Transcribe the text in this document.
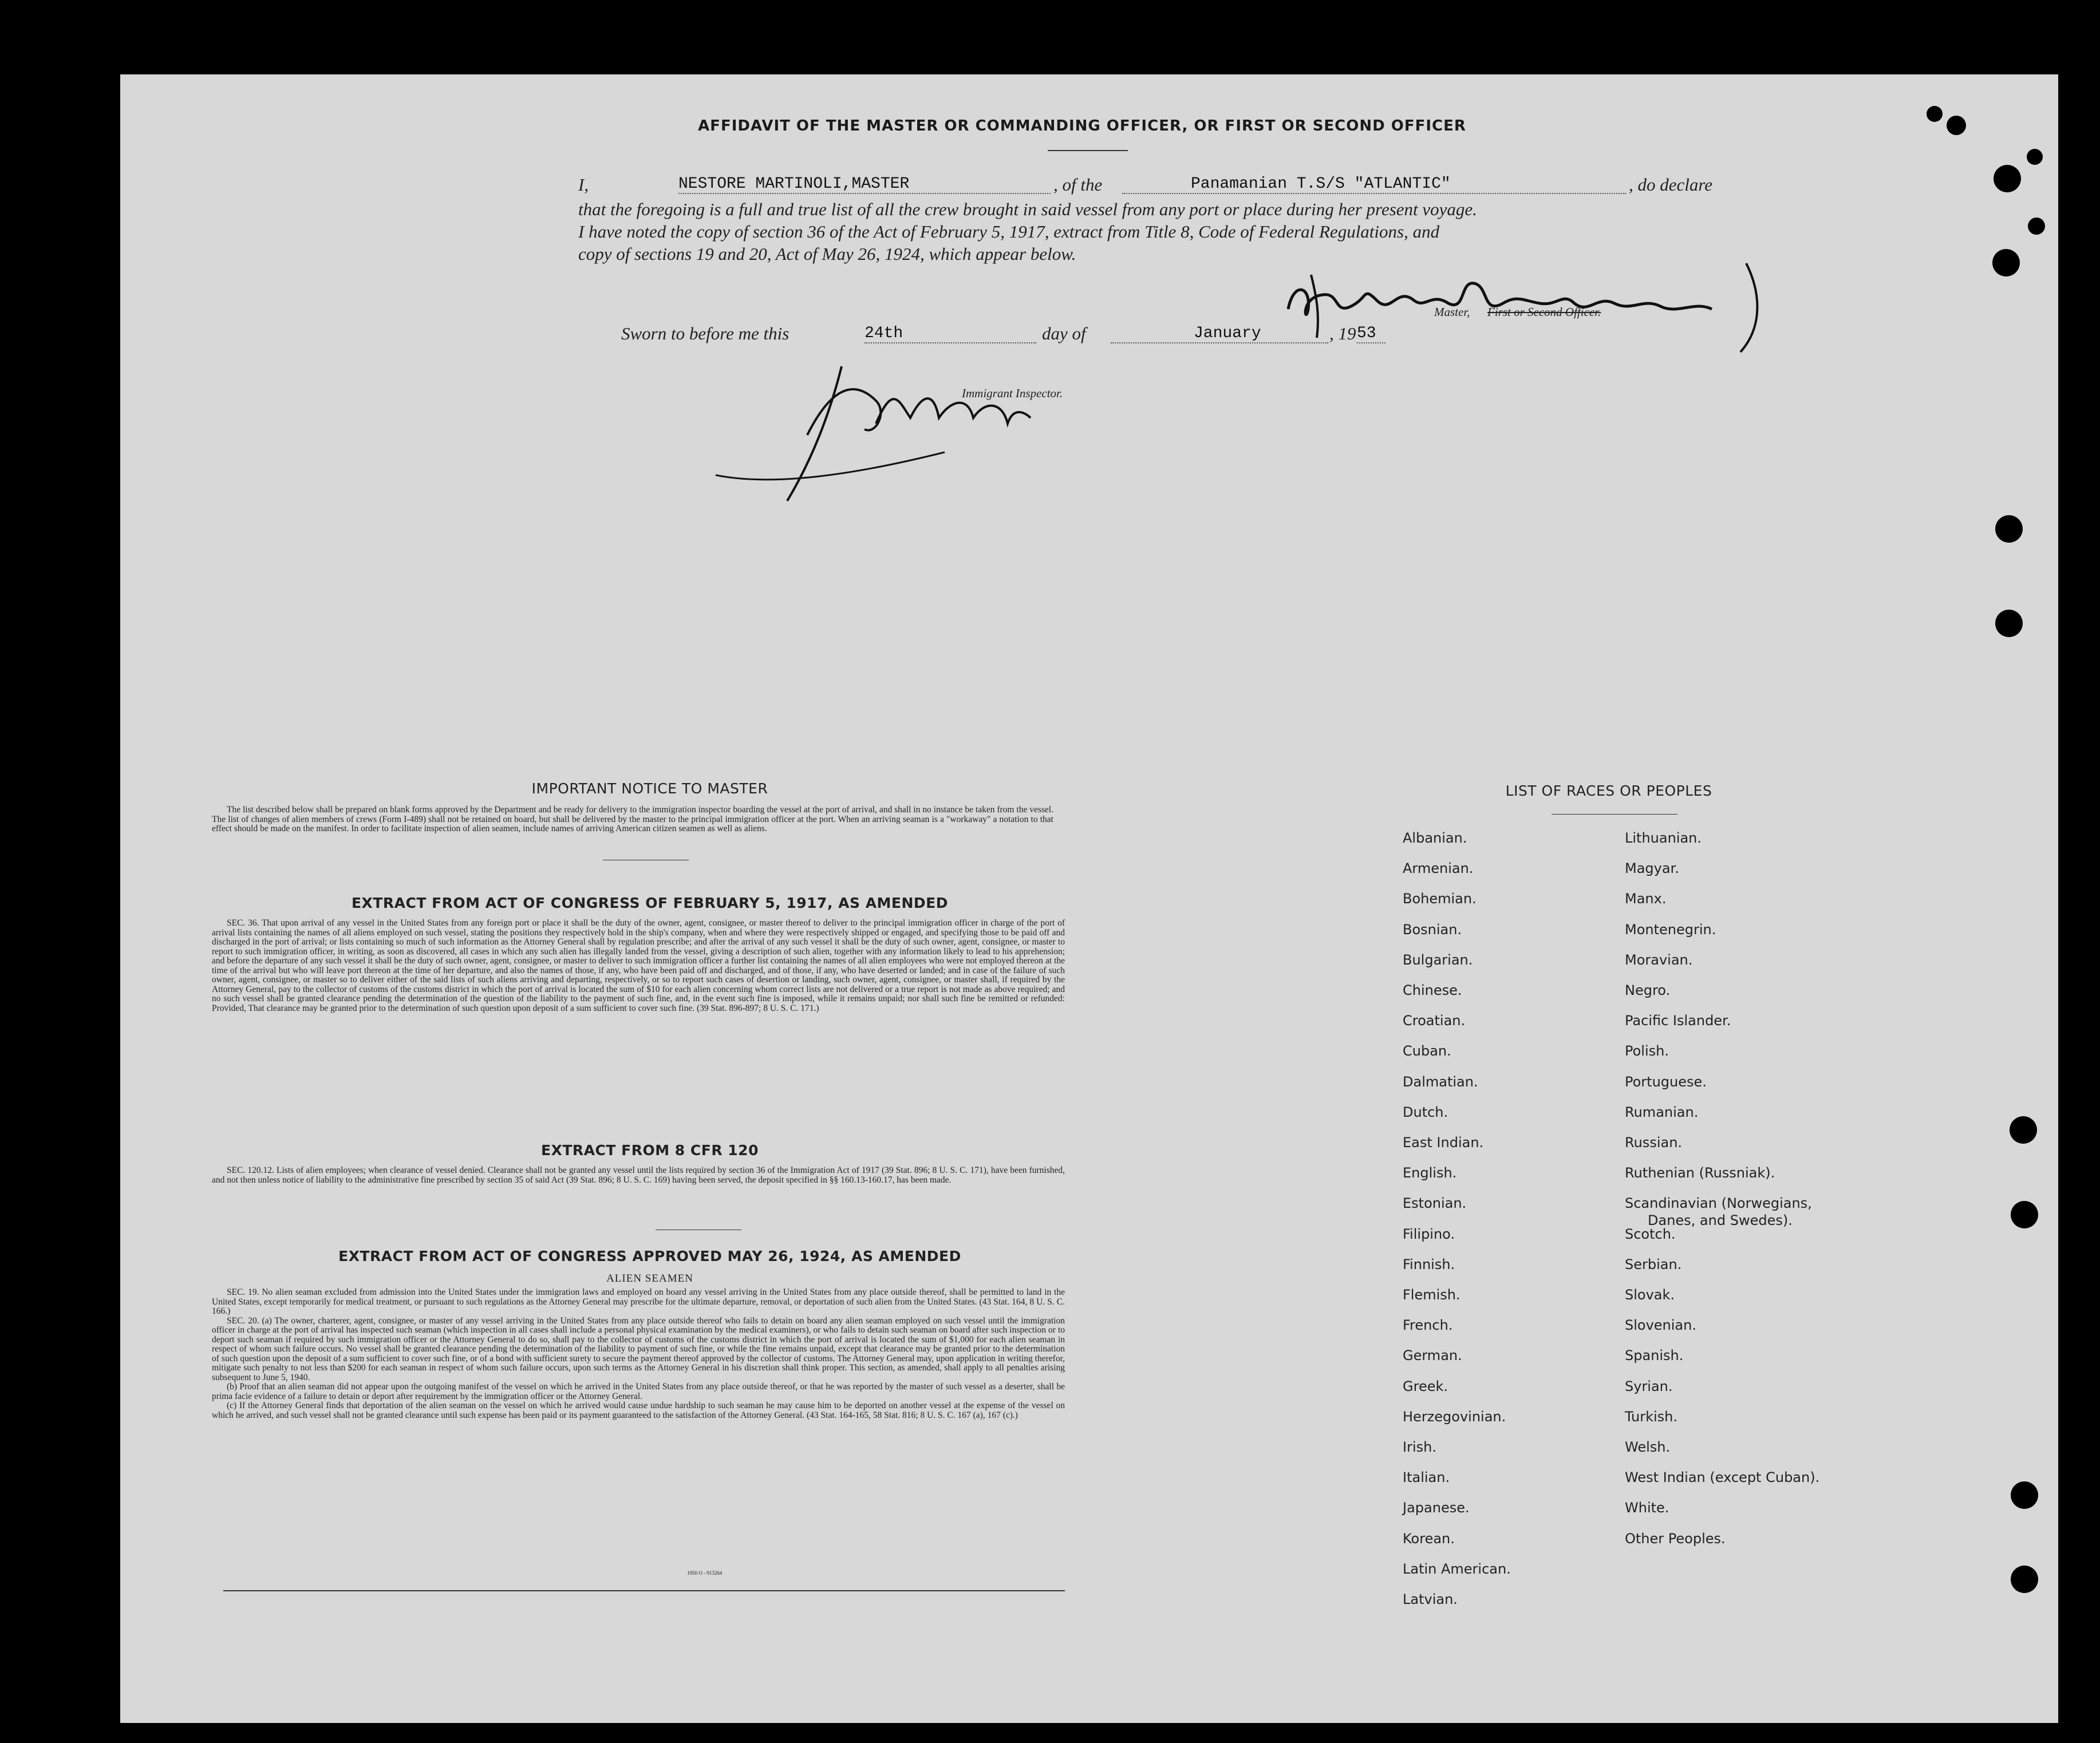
AFFIDAVIT OF THE MASTER OR COMMANDING OFFICER, OR FIRST OR SECOND OFFICER
I,	NESTORE MARTINOLI,MASTER	, of the	Panamanian T.S/S "ATLANTIC"	, do declare
that the foregoing is a full and true list of all the crew brought in said vessel from any port or place during her present voyage.
I have noted the copy of section 36 of the Act of February 5, 1917, extract from Title 8, Code of Federal Regulations, and
copy of sections 19 and 20, Act of May 26, 1924, which appear below.
Master, First or Second Officer.
Sworn to before me this	24th	day of	January	, 19 53
Immigrant Inspector.
IMPORTANT NOTICE TO MASTER

The list described below shall be prepared on blank forms approved by the Department and be ready for delivery to the immigration inspector boarding the vessel at the port of arrival, and shall in no instance be taken from the vessel. The list of changes of alien members of crews (Form I-489) shall not be retained on board, but shall be delivered by the master to the principal immigration officer at the port. When an arriving seaman is a "workaway" a notation to that effect should be made on the manifest. In order to facilitate inspection of alien seamen, include names of arriving American citizen seamen as well as aliens.

EXTRACT FROM ACT OF CONGRESS OF FEBRUARY 5, 1917, AS AMENDED

SEC. 36. That upon arrival of any vessel in the United States from any foreign port or place it shall be the duty of the owner, agent, consignee, or master thereof to deliver to the principal immigration officer in charge of the port of arrival lists containing the names of all aliens employed on such vessel, stating the positions they respectively hold in the ship's company, when and where they were respectively shipped or engaged, and specifying those to be paid off and discharged in the port of arrival; or lists containing so much of such information as the Attorney General shall by regulation prescribe; and after the arrival of any such vessel it shall be the duty of such owner, agent, consignee, or master to report to such immigration officer, in writing, as soon as discovered, all cases in which any such alien has illegally landed from the vessel, giving a description of such alien, together with any information likely to lead to his apprehension; and before the departure of any such vessel it shall be the duty of such owner, agent, consignee, or master to deliver to such immigration officer a further list containing the names of all alien employees who were not employed thereon at the time of the arrival but who will leave port thereon at the time of her departure, and also the names of those, if any, who have been paid off and discharged, and of those, if any, who have deserted or landed; and in case of the failure of such owner, agent, consignee, or master so to deliver either of the said lists of such aliens arriving and departing, respectively, or so to report such cases of desertion or landing, such owner, agent, consignee, or master shall, if required by the Attorney General, pay to the collector of customs of the customs district in which the port of arrival is located the sum of $10 for each alien concerning whom correct lists are not delivered or a true report is not made as above required; and no such vessel shall be granted clearance pending the determination of the question of the liability to the payment of such fine, and, in the event such fine is imposed, while it remains unpaid; nor shall such fine be remitted or refunded: Provided, That clearance may be granted prior to the determination of such question upon deposit of a sum sufficient to cover such fine. (39 Stat. 896-897; 8 U. S. C. 171.)

EXTRACT FROM 8 CFR 120

SEC. 120.12. Lists of alien employees; when clearance of vessel denied. Clearance shall not be granted any vessel until the lists required by section 36 of the Immigration Act of 1917 (39 Stat. 896; 8 U. S. C. 171), have been furnished, and not then unless notice of liability to the administrative fine prescribed by section 35 of said Act (39 Stat. 896; 8 U. S. C. 169) having been served, the deposit specified in §§ 160.13-160.17, has been made.

EXTRACT FROM ACT OF CONGRESS APPROVED MAY 26, 1924, AS AMENDED
ALIEN SEAMEN

SEC. 19. No alien seaman excluded from admission into the United States under the immigration laws and employed on board any vessel arriving in the United States from any place outside thereof, shall be permitted to land in the United States, except temporarily for medical treatment, or pursuant to such regulations as the Attorney General may prescribe for the ultimate departure, removal, or deportation of such alien from the United States. (43 Stat. 164, 8 U. S. C. 166.)

SEC. 20. (a) The owner, charterer, agent, consignee, or master of any vessel arriving in the United States from any place outside thereof who fails to detain on board any alien seaman employed on such vessel until the immigration officer in charge at the port of arrival has inspected such seaman (which inspection in all cases shall include a personal physical examination by the medical examiners), or who fails to detain such seaman on board after such inspection or to deport such seaman if required by such immigration officer or the Attorney General to do so, shall pay to the collector of customs of the customs district in which the port of arrival is located the sum of $1,000 for each alien seaman in respect of whom such failure occurs. No vessel shall be granted clearance pending the determination of the liability to payment of such fine, or while the fine remains unpaid, except that clearance may be granted prior to the determination of such question upon the deposit of a sum sufficient to cover such fine, or of a bond with sufficient surety to secure the payment thereof approved by the collector of customs. The Attorney General may, upon application in writing therefor, mitigate such penalty to not less than $200 for each seaman in respect of whom such failure occurs, upon such terms as the Attorney General in his discretion shall think proper. This section, as amended, shall apply to all penalties arising subsequent to June 5, 1940.

(b) Proof that an alien seaman did not appear upon the outgoing manifest of the vessel on which he arrived in the United States from any place outside thereof, or that he was reported by the master of such vessel as a deserter, shall be prima facie evidence of a failure to detain or deport after requirement by the immigration officer or the Attorney General.

(c) If the Attorney General finds that deportation of the alien seaman on the vessel on which he arrived would cause undue hardship to such seaman he may cause him to be deported on another vessel at the expense of the vessel on which he arrived, and such vessel shall not be granted clearance until such expense has been paid or its payment guaranteed to the satisfaction of the Attorney General. (43 Stat. 164-165, 58 Stat. 816; 8 U. S. C. 167 (a), 167 (c).)

1950 O - 913264
LIST OF RACES OR PEOPLES
Albanian.
Armenian.
Bohemian.
Bosnian.
Bulgarian.
Chinese.
Croatian.
Cuban.
Dalmatian.
Dutch.
East Indian.
English.
Estonian.
Filipino.
Finnish.
Flemish.
French.
German.
Greek.
Herzegovinian.
Irish.
Italian.
Japanese.
Korean.
Latin American.
Latvian.
Lithuanian.
Magyar.
Manx.
Montenegrin.
Moravian.
Negro.
Pacific Islander.
Polish.
Portuguese.
Rumanian.
Russian.
Ruthenian (Russniak).
Scandinavian (Norwegians,
Danes, and Swedes).
Scotch.
Serbian.
Slovak.
Slovenian.
Spanish.
Syrian.
Turkish.
Welsh.
West Indian (except Cuban).
White.
Other Peoples.
